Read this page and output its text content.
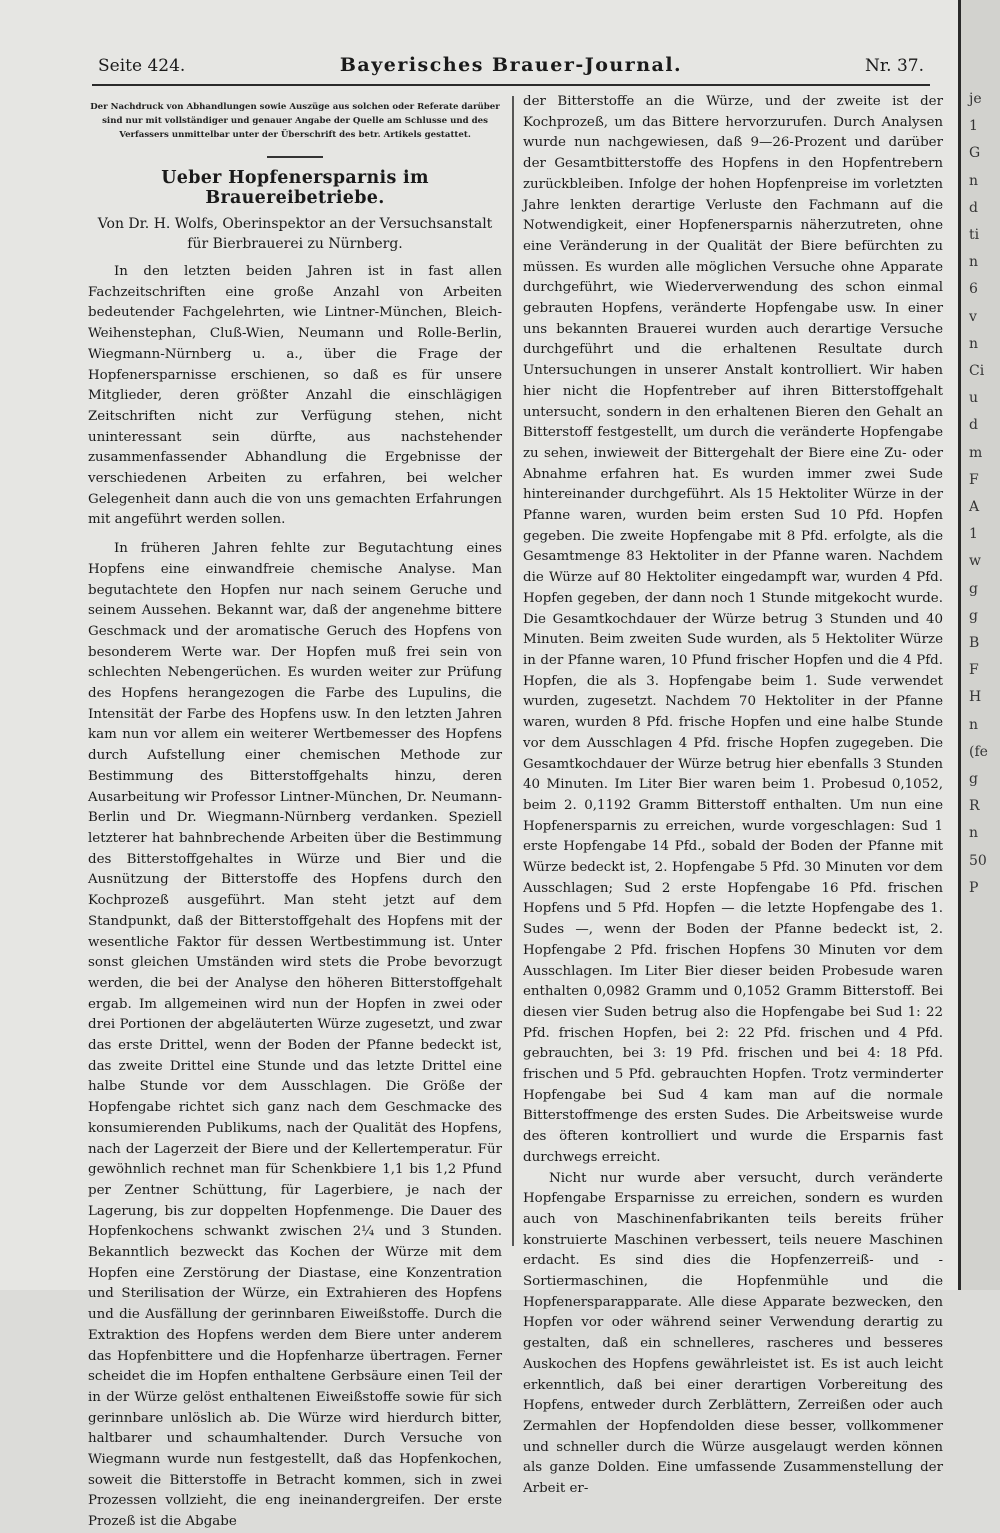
Seite 424.	Bayerisches Brauer-Journal.	Nr. 37.
Der Nachdruck von Abhandlungen sowie Auszüge aus solchen oder Referate darüber sind nur mit vollständiger und genauer Angabe der Quelle am Schlusse und des Verfassers unmittelbar unter der Überschrift des betr. Artikels gestattet.
Ueber Hopfenersparnis im Brauereibetriebe.
Von Dr. H. Wolfs, Oberinspektor an der Versuchsanstalt für Bierbrauerei zu Nürnberg.

In den letzten beiden Jahren ist in fast allen Fachzeitschriften eine große Anzahl von Arbeiten bedeutender Fachgelehrten, wie Lintner-München, Bleich-Weihenstephan, Cluß-Wien, Neumann und Rolle-Berlin, Wiegmann-Nürnberg u. a., über die Frage der Hopfenersparnisse erschienen, so daß es für unsere Mitglieder, deren größter Anzahl die einschlägigen Zeitschriften nicht zur Verfügung stehen, nicht uninteressant sein dürfte, aus nachstehender zusammenfassender Abhandlung die Ergebnisse der verschiedenen Arbeiten zu erfahren, bei welcher Gelegenheit dann auch die von uns gemachten Erfahrungen mit angeführt werden sollen.

In früheren Jahren fehlte zur Begutachtung eines Hopfens eine einwandfreie chemische Analyse. Man begutachtete den Hopfen nur nach seinem Geruche und seinem Aussehen. Bekannt war, daß der angenehme bittere Geschmack und der aromatische Geruch des Hopfens von besonderem Werte war. Der Hopfen muß frei sein von schlechten Nebengerüchen. Es wurden weiter zur Prüfung des Hopfens herangezogen die Farbe des Lupulins, die Intensität der Farbe des Hopfens usw. In den letzten Jahren kam nun vor allem ein weiterer Wertbemesser des Hopfens durch Aufstellung einer chemischen Methode zur Bestimmung des Bitterstoffgehalts hinzu, deren Ausarbeitung wir Professor Lintner-München, Dr. Neumann-Berlin und Dr. Wiegmann-Nürnberg verdanken. Speziell letzterer hat bahnbrechende Arbeiten über die Bestimmung des Bitterstoffgehaltes in Würze und Bier und die Ausnützung der Bitterstoffe des Hopfens durch den Kochprozeß ausgeführt. Man steht jetzt auf dem Standpunkt, daß der Bitterstoffgehalt des Hopfens mit der wesentliche Faktor für dessen Wertbestimmung ist. Unter sonst gleichen Umständen wird stets die Probe bevorzugt werden, die bei der Analyse den höheren Bitterstoffgehalt ergab. Im allgemeinen wird nun der Hopfen in zwei oder drei Portionen der abgeläuterten Würze zugesetzt, und zwar das erste Drittel, wenn der Boden der Pfanne bedeckt ist, das zweite Drittel eine Stunde und das letzte Drittel eine halbe Stunde vor dem Ausschlagen. Die Größe der Hopfengabe richtet sich ganz nach dem Geschmacke des konsumierenden Publikums, nach der Qualität des Hopfens, nach der Lagerzeit der Biere und der Kellertemperatur. Für gewöhnlich rechnet man für Schenkbiere 1,1 bis 1,2 Pfund per Zentner Schüttung, für Lagerbiere, je nach der Lagerung, bis zur doppelten Hopfenmenge. Die Dauer des Hopfenkochens schwankt zwischen 2¼ und 3 Stunden. Bekanntlich bezweckt das Kochen der Würze mit dem Hopfen eine Zerstörung der Diastase, eine Konzentration und Sterilisation der Würze, ein Extrahieren des Hopfens und die Ausfällung der gerinnbaren Eiweißstoffe. Durch die Extraktion des Hopfens werden dem Biere unter anderem das Hopfenbittere und die Hopfenharze übertragen. Ferner scheidet die im Hopfen enthaltene Gerbsäure einen Teil der in der Würze gelöst enthaltenen Eiweißstoffe sowie für sich gerinnbare unlöslich ab. Die Würze wird hierdurch bitter, haltbarer und schaumhaltender. Durch Versuche von Wiegmann wurde nun festgestellt, daß das Hopfenkochen, soweit die Bitterstoffe in Betracht kommen, sich in zwei Prozessen vollzieht, die eng ineinandergreifen. Der erste Prozeß ist die Abgabe

der Bitterstoffe an die Würze, und der zweite ist der Kochprozeß, um das Bittere hervorzurufen. Durch Analysen wurde nun nachgewiesen, daß 9—26-Prozent und darüber der Gesamtbitterstoffe des Hopfens in den Hopfentrebern zurückbleiben. Infolge der hohen Hopfenpreise im vorletzten Jahre lenkten derartige Verluste den Fachmann auf die Notwendigkeit, einer Hopfenersparnis näherzutreten, ohne eine Veränderung in der Qualität der Biere befürchten zu müssen. Es wurden alle möglichen Versuche ohne Apparate durchgeführt, wie Wiederverwendung des schon einmal gebrauten Hopfens, veränderte Hopfengabe usw. In einer uns bekannten Brauerei wurden auch derartige Versuche durchgeführt und die erhaltenen Resultate durch Untersuchungen in unserer Anstalt kontrolliert. Wir haben hier nicht die Hopfentreber auf ihren Bitterstoffgehalt untersucht, sondern in den erhaltenen Bieren den Gehalt an Bitterstoff festgestellt, um durch die veränderte Hopfengabe zu sehen, inwieweit der Bittergehalt der Biere eine Zu- oder Abnahme erfahren hat. Es wurden immer zwei Sude hintereinander durchgeführt. Als 15 Hektoliter Würze in der Pfanne waren, wurden beim ersten Sud 10 Pfd. Hopfen gegeben. Die zweite Hopfengabe mit 8 Pfd. erfolgte, als die Gesamtmenge 83 Hektoliter in der Pfanne waren. Nachdem die Würze auf 80 Hektoliter eingedampft war, wurden 4 Pfd. Hopfen gegeben, der dann noch 1 Stunde mitgekocht wurde. Die Gesamtkochdauer der Würze betrug 3 Stunden und 40 Minuten. Beim zweiten Sude wurden, als 5 Hektoliter Würze in der Pfanne waren, 10 Pfund frischer Hopfen und die 4 Pfd. Hopfen, die als 3. Hopfengabe beim 1. Sude verwendet wurden, zugesetzt. Nachdem 70 Hektoliter in der Pfanne waren, wurden 8 Pfd. frische Hopfen und eine halbe Stunde vor dem Ausschlagen 4 Pfd. frische Hopfen zugegeben. Die Gesamtkochdauer der Würze betrug hier ebenfalls 3 Stunden 40 Minuten. Im Liter Bier waren beim 1. Probesud 0,1052, beim 2. 0,1192 Gramm Bitterstoff enthalten. Um nun eine Hopfenersparnis zu erreichen, wurde vorgeschlagen: Sud 1 erste Hopfengabe 14 Pfd., sobald der Boden der Pfanne mit Würze bedeckt ist, 2. Hopfengabe 5 Pfd. 30 Minuten vor dem Ausschlagen; Sud 2 erste Hopfengabe 16 Pfd. frischen Hopfens und 5 Pfd. Hopfen — die letzte Hopfengabe des 1. Sudes —, wenn der Boden der Pfanne bedeckt ist, 2. Hopfengabe 2 Pfd. frischen Hopfens 30 Minuten vor dem Ausschlagen. Im Liter Bier dieser beiden Probesude waren enthalten 0,0982 Gramm und 0,1052 Gramm Bitterstoff. Bei diesen vier Suden betrug also die Hopfengabe bei Sud 1: 22 Pfd. frischen Hopfen, bei 2: 22 Pfd. frischen und 4 Pfd. gebrauchten, bei 3: 19 Pfd. frischen und bei 4: 18 Pfd. frischen und 5 Pfd. gebrauchten Hopfen. Trotz verminderter Hopfengabe bei Sud 4 kam man auf die normale Bitterstoffmenge des ersten Sudes. Die Arbeitsweise wurde des öfteren kontrolliert und wurde die Ersparnis fast durchwegs erreicht.

Nicht nur wurde aber versucht, durch veränderte Hopfengabe Ersparnisse zu erreichen, sondern es wurden auch von Maschinenfabrikanten teils bereits früher konstruierte Maschinen verbessert, teils neuere Maschinen erdacht. Es sind dies die Hopfenzerreiß- und -Sortiermaschinen, die Hopfenmühle und die Hopfenersparapparate. Alle diese Apparate bezwecken, den Hopfen vor oder während seiner Verwendung derartig zu gestalten, daß ein schnelleres, rascheres und besseres Auskochen des Hopfens gewährleistet ist. Es ist auch leicht erkenntlich, daß bei einer derartigen Vorbereitung des Hopfens, entweder durch Zerblättern, Zerreißen oder auch Zermahlen der Hopfendolden diese besser, vollkommener und schneller durch die Würze ausgelaugt werden können als ganze Dolden. Eine umfassende Zusammenstellung der Arbeit er-

je
1
G
n
d
ti
n
6
v
n
Ci
u
d
m
F
A
1
w
g
g
B
F
H
n
(fe
g
R
n
50
P
